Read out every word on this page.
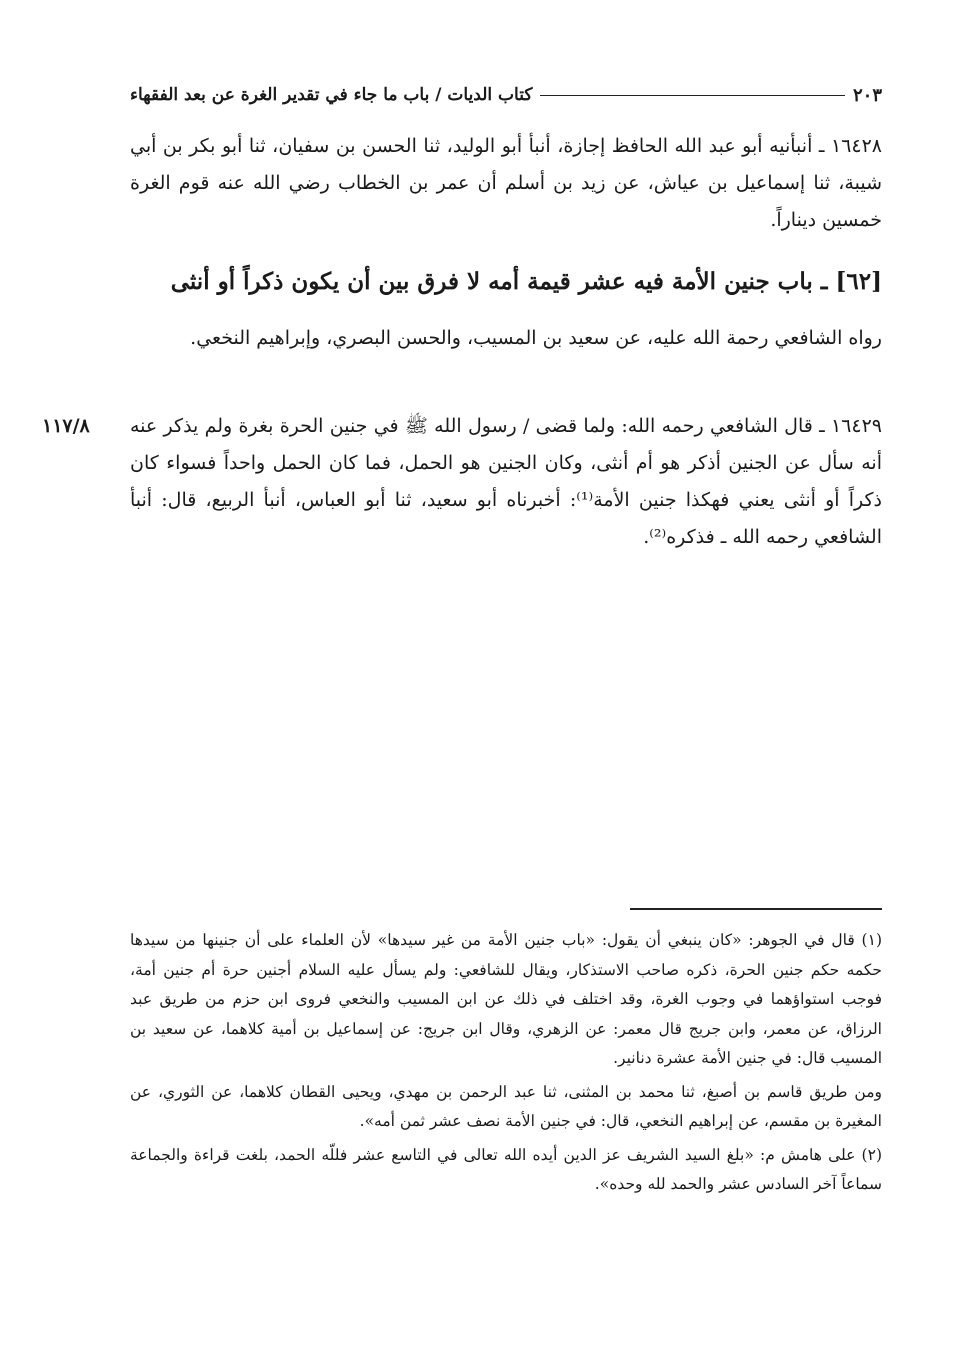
كتاب الديات / باب ما جاء في تقدير الغرة عن بعد الفقهاء	٢٠٣
١٦٤٢٨ ـ أنبأنيه أبو عبد الله الحافظ إجازة، أنبأ أبو الوليد، ثنا الحسن بن سفيان، ثنا أبو بكر بن أبي شيبة، ثنا إسماعيل بن عياش، عن زيد بن أسلم أن عمر بن الخطاب رضي الله عنه قوم الغرة خمسين ديناراً.
[٦٢] ـ باب جنين الأمة فيه عشر قيمة أمه لا فرق بين أن يكون ذكراً أو أنثى
رواه الشافعي رحمة الله عليه، عن سعيد بن المسيب، والحسن البصري، وإبراهيم النخعي.
١١٧/٨	١٦٤٢٩ ـ قال الشافعي رحمه الله: ولما قضى / رسول الله ﷺ في جنين الحرة بغرة ولم يذكر عنه أنه سأل عن الجنين أذكر هو أم أنثى، وكان الجنين هو الحمل، فما كان الحمل واحداً فسواء كان ذكراً أو أنثى يعني فهكذا جنين الأمة⁽¹⁾: أخبرناه أبو سعيد، ثنا أبو العباس، أنبأ الربيع، قال: أنبأ الشافعي رحمه الله ـ فذكره⁽²⁾.

(١) قال في الجوهر: «كان ينبغي أن يقول: «باب جنين الأمة من غير سيدها» لأن العلماء على أن جنينها من سيدها حكمه حكم جنين الحرة، ذكره صاحب الاستذكار، ويقال للشافعي: ولم يسأل عليه السلام أجنين حرة أم جنين أمة، فوجب استواؤهما في وجوب الغرة، وقد اختلف في ذلك عن ابن المسيب والنخعي فروى ابن حزم من طريق عبد الرزاق، عن معمر، وابن جريج قال معمر: عن الزهري، وقال ابن جريج: عن إسماعيل بن أمية كلاهما، عن سعيد بن المسيب قال: في جنين الأمة عشرة دنانير.

ومن طريق قاسم بن أصبغ، ثنا محمد بن المثنى، ثنا عبد الرحمن بن مهدي، ويحيى القطان كلاهما، عن الثوري، عن المغيرة بن مقسم، عن إبراهيم النخعي، قال: في جنين الأمة نصف عشر ثمن أمه».

(٢) على هامش م: «بلغ السيد الشريف عز الدين أيده الله تعالى في التاسع عشر فللّه الحمد، بلغت قراءة والجماعة سماعاً آخر السادس عشر والحمد لله وحده».
